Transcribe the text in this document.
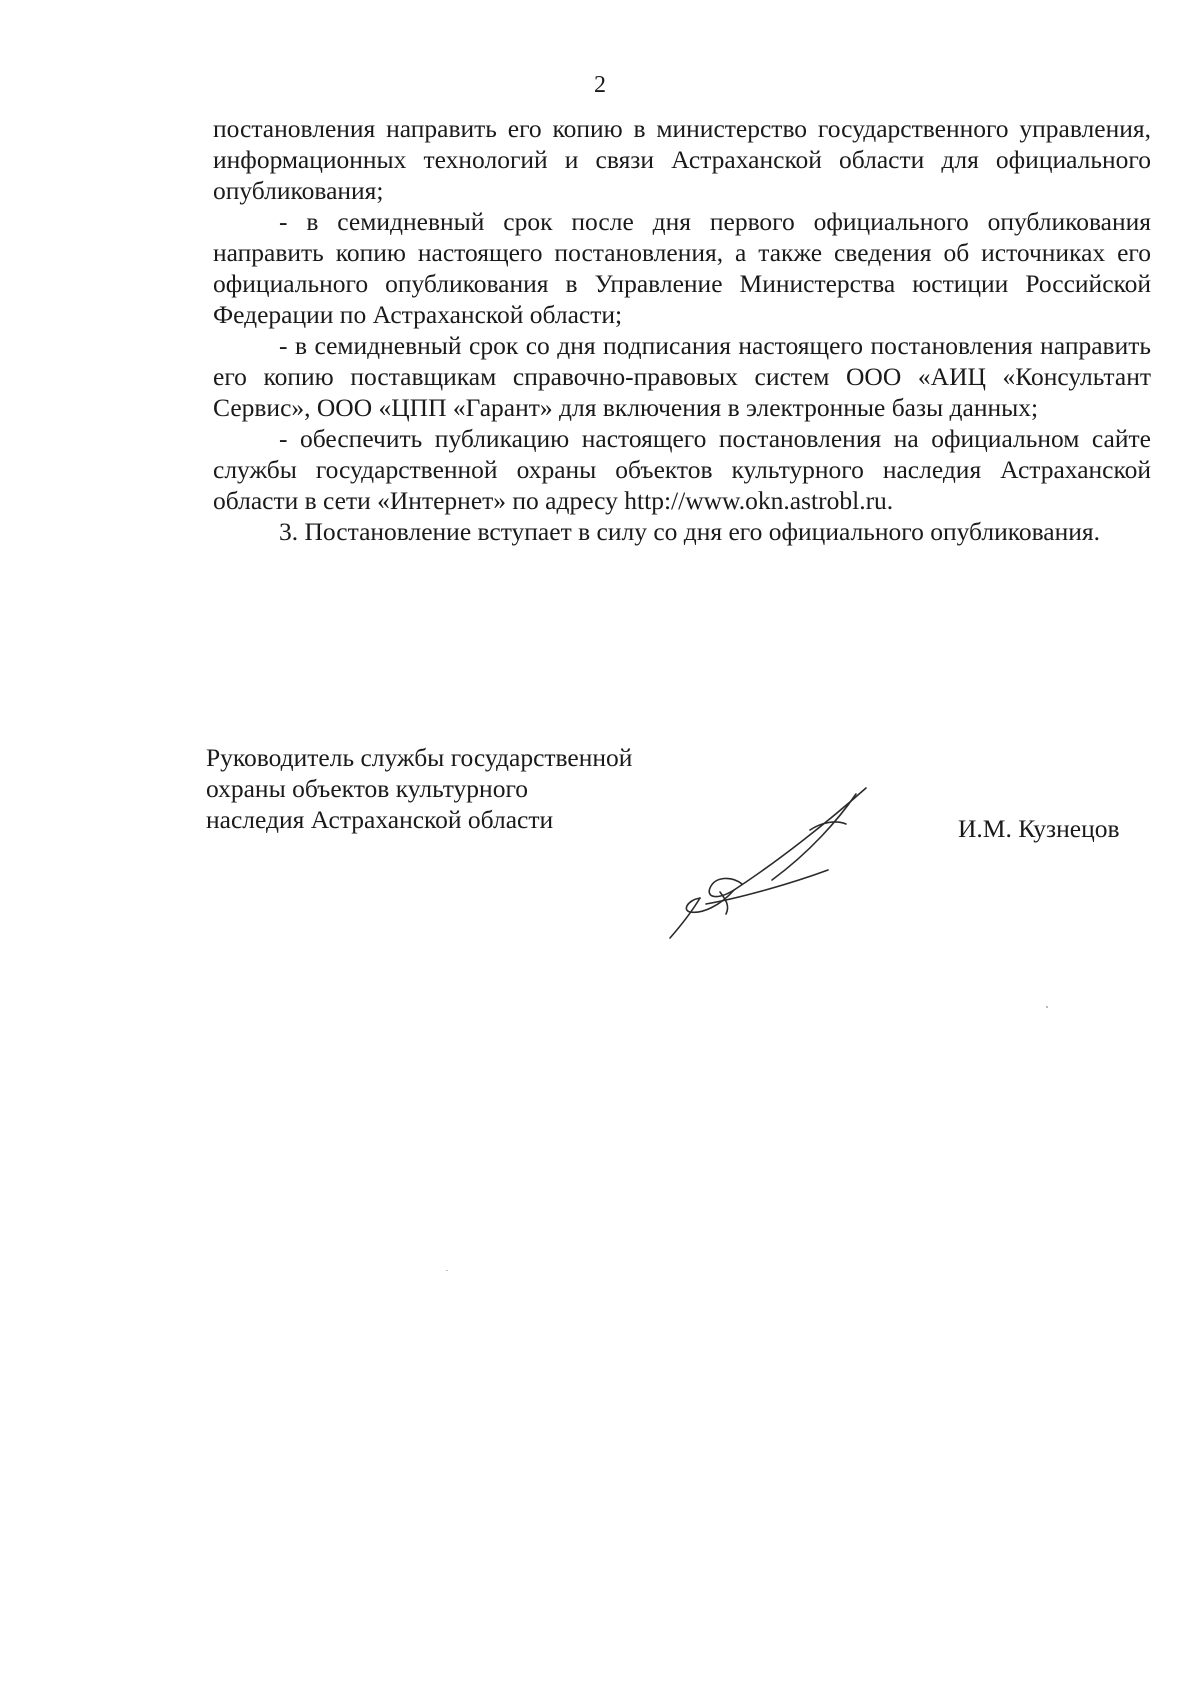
2

постановления направить его копию в министерство государственного управления, информационных технологий и связи Астраханской области для официального опубликования;

- в семидневный срок после дня первого официального опубликования направить копию настоящего постановления, а также сведения об источниках его официального опубликования в Управление Министерства юстиции Российской Федерации по Астраханской области;

- в семидневный срок со дня подписания настоящего постановления направить его копию поставщикам справочно-правовых систем ООО «АИЦ «Консультант Сервис», ООО «ЦПП «Гарант» для включения в электронные базы данных;

- обеспечить публикацию настоящего постановления на официальном сайте службы государственной охраны объектов культурного наследия Астраханской области в сети «Интернет» по адресу http://www.okn.astrobl.ru.

3. Постановление вступает в силу со дня его официального опубликования.

Руководитель службы государственной
охраны объектов культурного
наследия Астраханской области	И.М. Кузнецов
